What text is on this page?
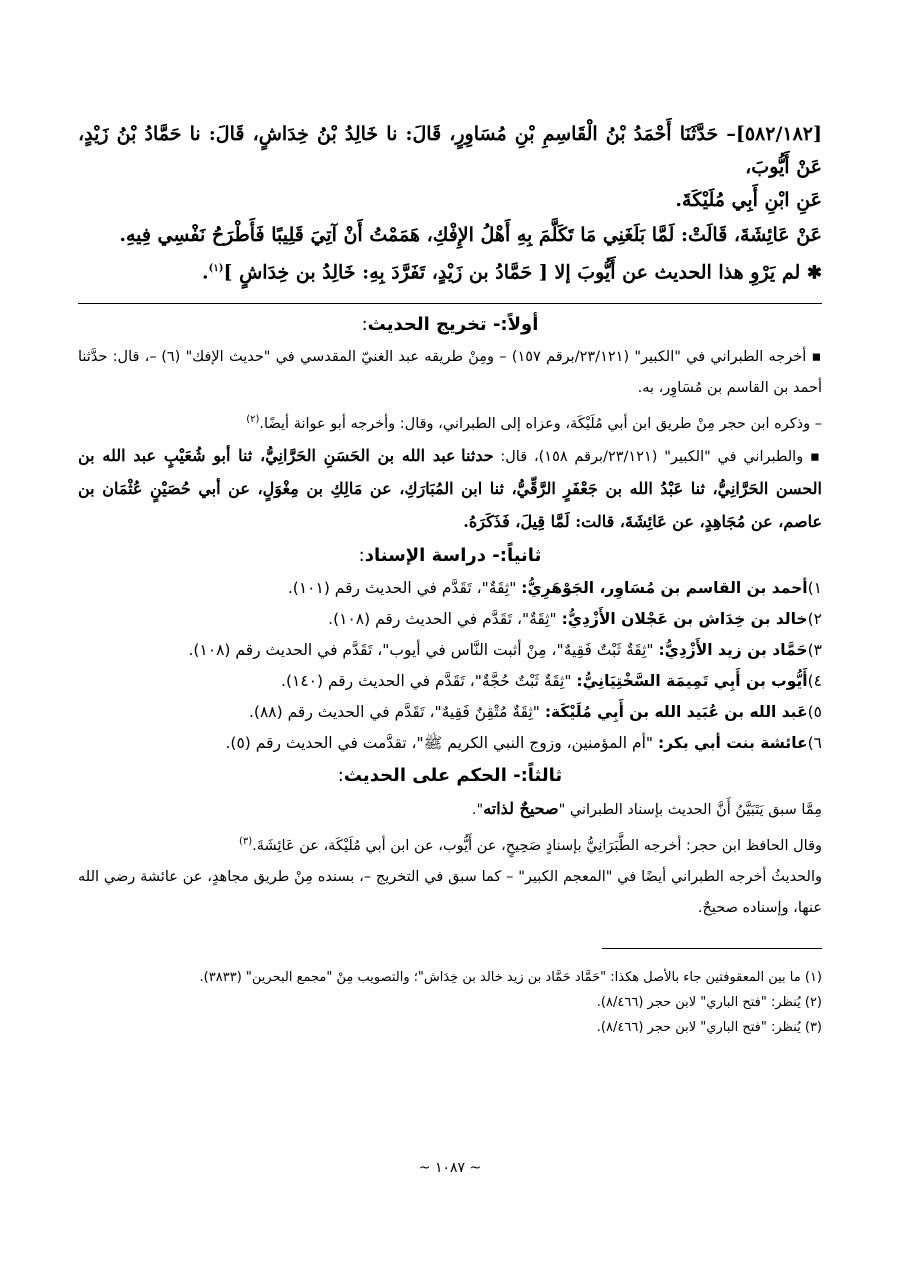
[٥٨٢/١٨٢]– حَدَّثَنَا أَحْمَدُ بْنُ الْقَاسِمِ بْنِ مُسَاوِرٍ، قَالَ: نا خَالِدُ بْنُ خِدَاشٍ، قَالَ: نا حَمَّادُ بْنُ زَيْدٍ، عَنْ أَيُّوبَ،

عَنِ ابْنِ أَبِي مُلَيْكَةَ.

عَنْ عَائِشَةَ، قَالَتْ: لَمَّا بَلَغَنِي مَا تَكَلَّمَ بِهِ أَهْلُ الإِفْكِ، هَمَمْتُ أَنْ آتِيَ قَلِيبًا فَأَطْرَحُ نَفْسِي فِيهِ.

✱ لم يَرْوِ هذا الحديث عن أَيُّوبَ إلا [ حَمَّادُ بن زَيْدٍ، تَفَرَّدَ بِهِ: خَالِدُ بن خِدَاشٍ ]$^{(١)}$.

أولاً:- تخريج الحديث:

▪ أخرجه الطبراني في "الكبير" (٢٣/١٢١/برقم ١٥٧) – ومِنْ طريقه عبد الغنيّ المقدسي في "حديث الإفك" (٦) –، قال: حدَّثنا أحمد بن القاسم بن مُسَاوِر، به.

– وذكره ابن حجر مِنْ طريق ابن أبي مُلَيْكَة، وعزاه إلى الطبراني، وقال: وأخرجه أبو عوانة أيضًا.$^{(٢)}$

▪ والطبراني في "الكبير" (٢٣/١٢١/برقم ١٥٨)، قال: حدثنا عبد الله بن الحَسَنِ الحَرَّانِيُّ، ثنا أبو شُعَيْبٍ عبد الله بن الحسن الحَرَّانِيُّ، ثنا عَبْدُ الله بن جَعْفَرٍ الرَّقِّيُّ، ثنا ابن المُبَارَكِ، عن مَالِكِ بن مِغْوَلٍ، عن أبي حُصَيْنٍ عُثْمَان بن عاصم، عن مُجَاهِدٍ، عن عَائِشَةَ، قالت: لَمَّا قِيلَ، فَذَكَرَهُ.

ثانياً:- دراسة الإسناد:

١)أحمد بن القاسم بن مُسَاوِر، الجَوْهَرِيُّ: "ثِقَةٌ"، تَقَدَّم في الحديث رقم (١٠١).

٢)خالد بن خِدَاش بن عَجْلان الأَزْدِيُّ: "ثِقَةٌ"، تَقَدَّم في الحديث رقم (١٠٨).

٣)حَمَّاد بن زيد الأَزْدِيُّ: "ثِقَةٌ ثَبْتٌ فَقِيهٌ"، مِنْ أثبت النَّاس في أيوب"، تَقَدَّم في الحديث رقم (١٠٨).

٤)أَيُّوب بن أَبِي تَمِيمَة السَّخْتِيَانِيُّ: "ثِقَةٌ ثَبْتٌ حُجَّةٌ"، تَقَدَّم في الحديث رقم (١٤٠).

٥)عَبد الله بن عُبَيد الله بن أَبِي مُلَيْكَة: "ثِقَةٌ مُتْقِنٌ فَقِيهٌ"، تَقَدَّم في الحديث رقم (٨٨).

٦)عائشة بنت أبي بكر: "أم المؤمنين، وزوج النبي الكريم ﷺ"، تقدَّمت في الحديث رقم (٥).

ثالثاً:- الحكم على الحديث:

مِمَّا سبق يَتَبَيَّنُ أَنَّ الحديث بإسناد الطبراني "صحيحٌ لذاته".

وقال الحافظ ابن حجر: أخرجه الطَّبَرَانِيُّ بإسنادٍ صَحِيحٍ، عن أَيُّوب، عن ابن أبي مُلَيْكَة، عن عَائِشَةَ.$^{(٣)}$

والحديثُ أخرجه الطبراني أيضًا في "المعجم الكبير" – كما سبق في التخريج –، بسنده مِنْ طريق مجاهدٍ، عن عائشة رضي الله عنها، وإسناده صحيحٌ.

(١) ما بين المعقوفتين جاء بالأصل هكذا: "حَمَّاد حَمَّاد بن زيد خالد بن خِدَاش"؛ والتصويب مِنْ "مجمع البحرين" (٣٨٣٣).

(٢) يُنظر: "فتح الباري" لابن حجر (٨/٤٦٦).

(٣) يُنظر: "فتح الباري" لابن حجر (٨/٤٦٦).

~ ١٠٨٧ ~
